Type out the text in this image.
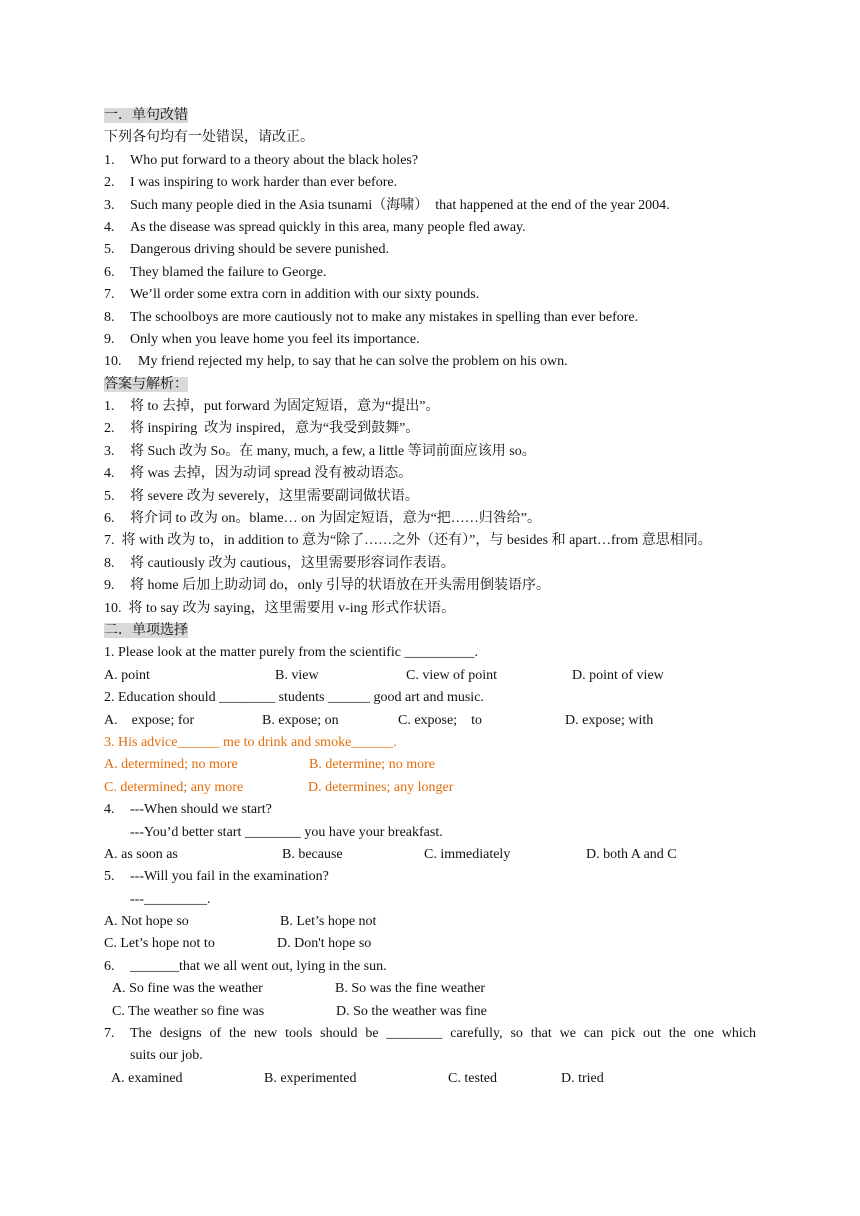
一．单句改错
下列各句均有一处错误，请改正。
1. Who put forward to a theory about the black holes?
2. I was inspiring to work harder than ever before.
3. Such many people died in the Asia tsunami（海啸）  that happened at the end of the year 2004.
4. As the disease was spread quickly in this area, many people fled away.
5. Dangerous driving should be severe punished.
6. They blamed the failure to George.
7. We’ll order some extra corn in addition with our sixty pounds.
8. The schoolboys are more cautiously not to make any mistakes in spelling than ever before.
9. Only when you leave home you feel its importance.
10. My friend rejected my help, to say that he can solve the problem on his own.
答案与解析：
1. 将 to 去掉，put forward 为固定短语，意为“提出”。
2. 将 inspiring  改为 inspired，意为“我受到鼓舞”。
3. 将 Such 改为 So。在 many, much, a few, a little 等词前面应该用 so。
4. 将 was 去掉，因为动词 spread 没有被动语态。
5. 将 severe 改为 severely，这里需要副词做状语。
6. 将介词 to 改为 on。blame… on 为固定短语，意为“把……归咎给”。
7.  将 with 改为 to，in addition to 意为“除了……之外（还有）”，与 besides 和 apart…from 意思相同。
8. 将 cautiously 改为 cautious，这里需要形容词作表语。
9. 将 home 后加上助动词 do，only 引导的状语放在开头需用倒装语序。
10.  将 to say 改为 saying，这里需要用 v-ing 形式作状语。
二．单项选择
1. Please look at the matter purely from the scientific __________.
A. point	B. view	C. view of point	D. point of view
2. Education should ________ students ______ good art and music.
A.    expose; for	B. expose; on	C. expose;    to	D. expose; with
3. His advice______ me to drink and smoke______.
A. determined; no more	B. determine; no more
C. determined; any more	D. determines; any longer
4. ---When should we start?
---You’d better start ________ you have your breakfast.
A. as soon as	B. because	C. immediately	D. both A and C
5. ---Will you fail in the examination?
---_________.
A. Not hope so	B. Let’s hope not
C. Let’s hope not to	D. Don't hope so
6. _______that we all went out, lying in the sun.
A. So fine was the weather	B. So was the fine weather
C. The weather so fine was	D. So the weather was fine
7.	The designs of the new tools should be ________ carefully, so that we can pick out the one which
suits our job.
A. examined	B. experimented	C. tested	D. tried
